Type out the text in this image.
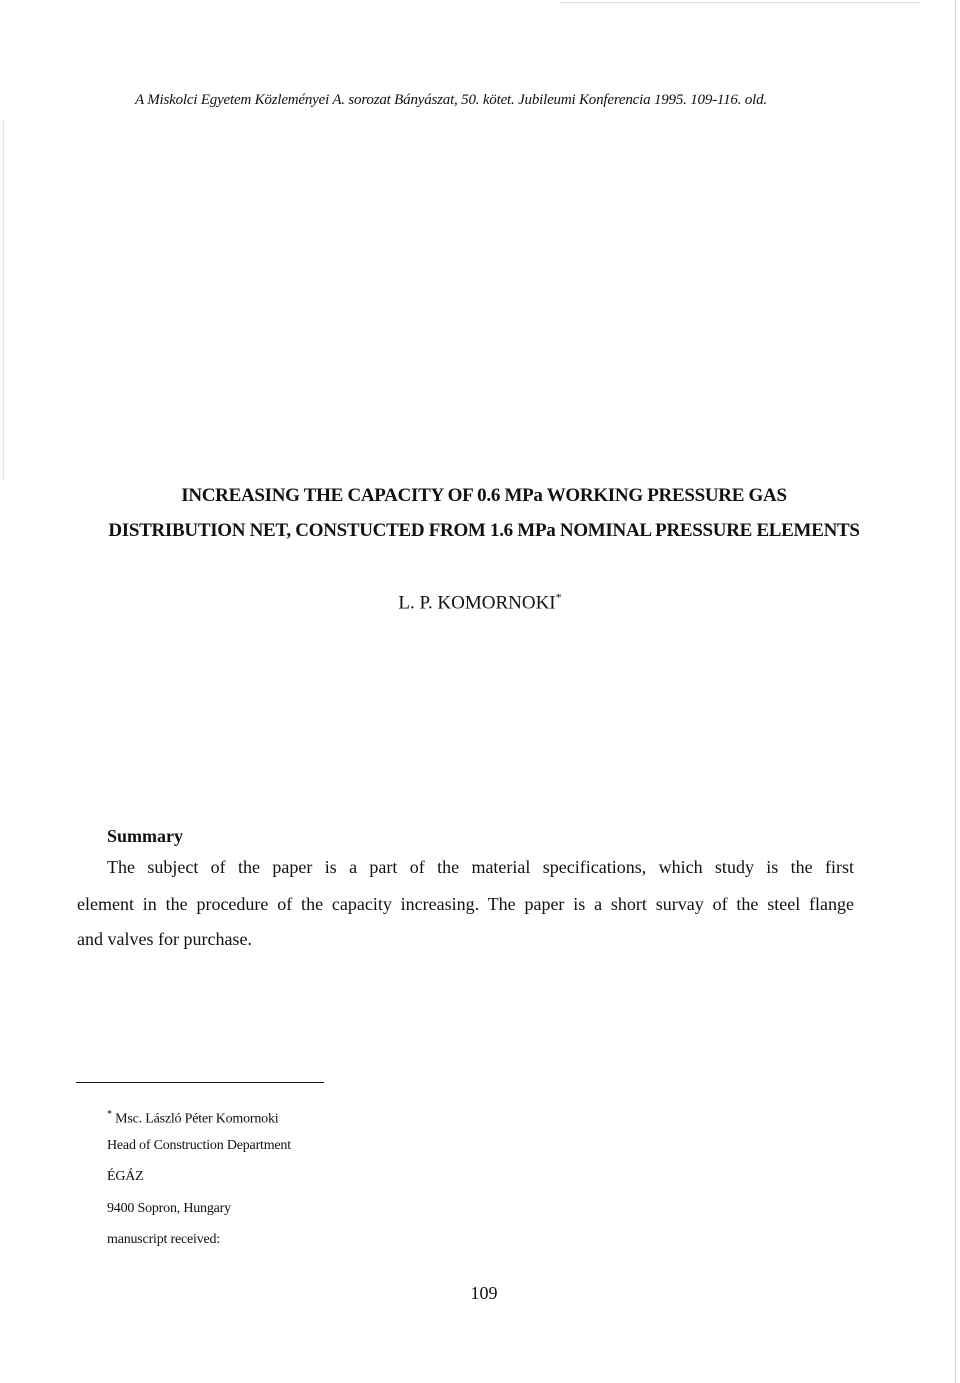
A Miskolci Egyetem Közleményei A. sorozat Bányászat, 50. kötet. Jubileumi Konferencia 1995. 109-116. old.
INCREASING THE CAPACITY OF 0.6 MPa WORKING PRESSURE GAS
DISTRIBUTION NET, CONSTUCTED FROM 1.6 MPa NOMINAL PRESSURE ELEMENTS
L. P. KOMORNOKI*
Summary
The subject of the paper is a part of the material specifications, which study is the first
element in the procedure of the capacity increasing. The paper is a short survay of the steel flange
and valves for purchase.
* Msc. László Péter Komornoki
Head of Construction Department
ÉGÁZ
9400 Sopron, Hungary
manuscript received:
109
